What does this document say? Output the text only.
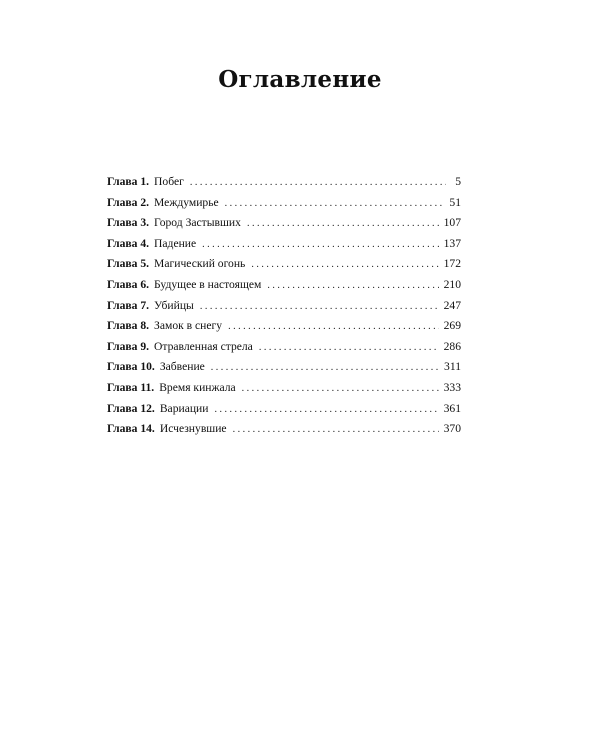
Оглавление
Глава 1. Побег . . .	5
Глава 2. Междумирье . . .	51
Глава 3. Город Застывших . . .	107
Глава 4. Падение . . .	137
Глава 5. Магический огонь . . .	172
Глава 6. Будущее в настоящем . . .	210
Глава 7. Убийцы . . .	247
Глава 8. Замок в снегу . . .	269
Глава 9. Отравленная стрела . . .	286
Глава 10. Забвение . . .	311
Глава 11. Время кинжала . . .	333
Глава 12. Вариации . . .	361
Глава 14. Исчезнувшие . . .	370
